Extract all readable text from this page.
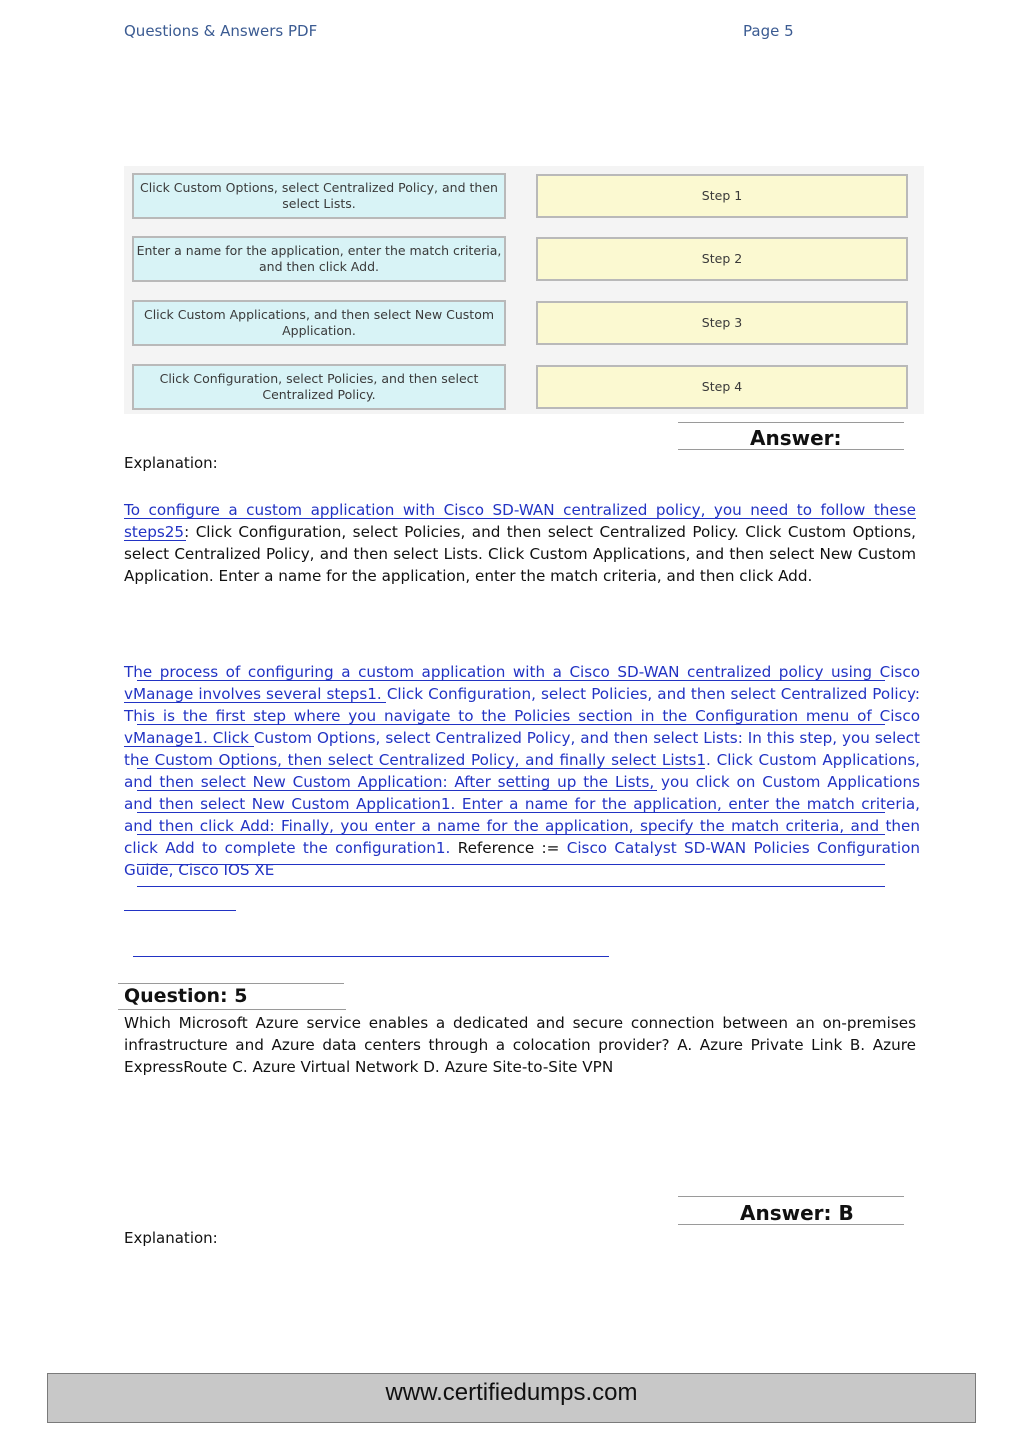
Questions & Answers PDF	Page 5
Click Custom Options, select Centralized Policy, and then select Lists.
Enter a name for the application, enter the match criteria, and then click Add.
Click Custom Applications, and then select New Custom Application.
Click Configuration, select Policies, and then select Centralized Policy.
Step 1
Step 2
Step 3
Step 4
Answer:
Explanation:
To configure a custom application with Cisco SD-WAN centralized policy, you need to follow these steps25: Click Configuration, select Policies, and then select Centralized Policy. Click Custom Options, select Centralized Policy, and then select Lists. Click Custom Applications, and then select New Custom Application. Enter a name for the application, enter the match criteria, and then click Add.
The process of configuring a custom application with a Cisco SD-WAN centralized policy using Cisco vManage involves several steps1. Click Configuration, select Policies, and then select Centralized Policy: This is the first step where you navigate to the Policies section in the Configuration menu of Cisco vManage1. Click Custom Options, select Centralized Policy, and then select Lists: In this step, you select the Custom Options, then select Centralized Policy, and finally select Lists1. Click Custom Applications, and then select New Custom Application: After setting up the Lists, you click on Custom Applications and then select New Custom Application1. Enter a name for the application, enter the match criteria, and then click Add: Finally, you enter a name for the application, specify the match criteria, and then click Add to complete the configuration1. Reference := Cisco Catalyst SD-WAN Policies Configuration Guide, Cisco IOS XE
Question: 5
Which Microsoft Azure service enables a dedicated and secure connection between an on-premises infrastructure and Azure data centers through a colocation provider? A. Azure Private Link B. Azure ExpressRoute C. Azure Virtual Network D. Azure Site-to-Site VPN
Answer: B
Explanation:
www.certifiedumps.com
